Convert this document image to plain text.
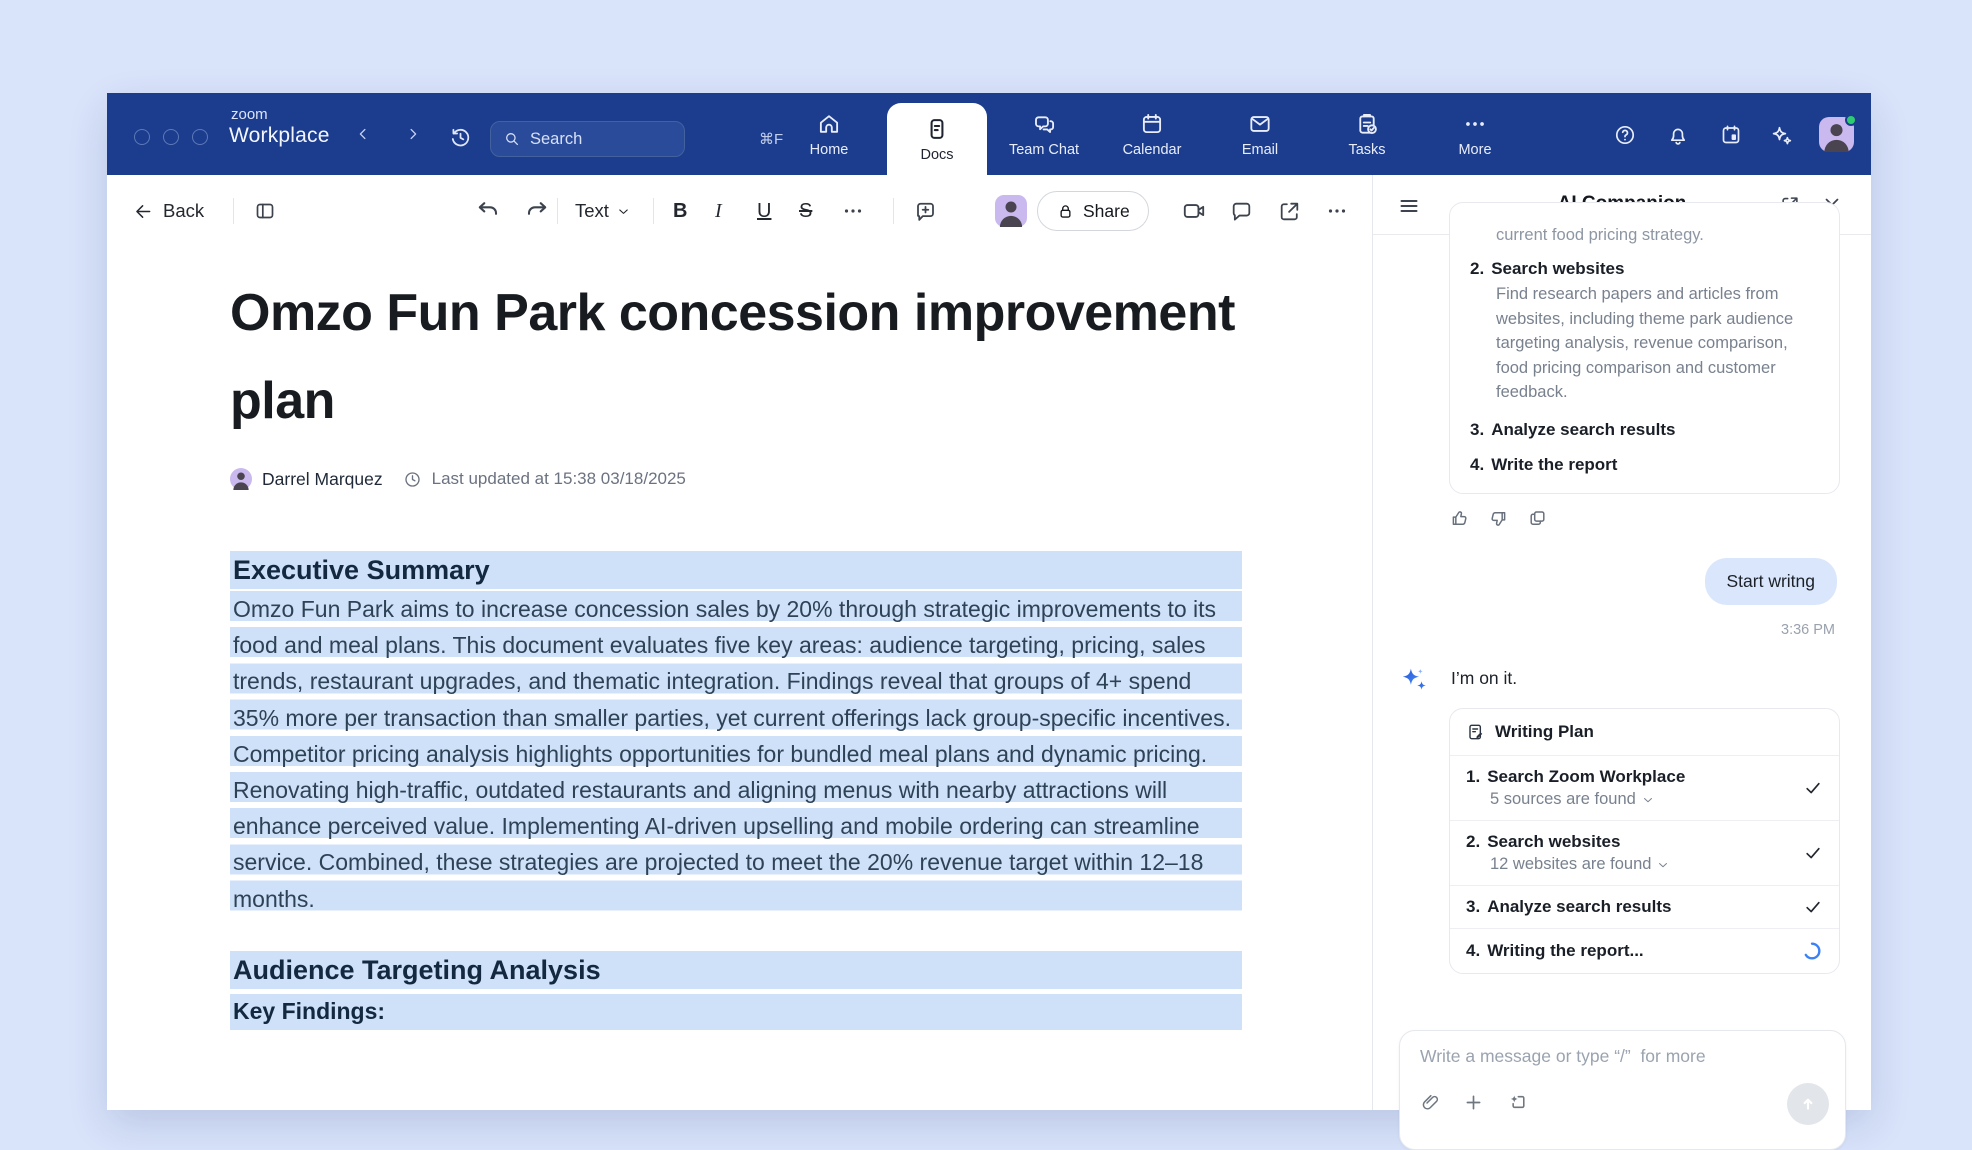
zoom
Workplace
Search	⌘F
Home	Docs	Team Chat	Calendar	Email	Tasks	More
Back	Text	B	I	U	S	Share
Omzo Fun Park concession improvement plan
Darrel Marquez	Last updated at 15:38 03/18/2025
Executive Summary
Omzo Fun Park aims to increase concession sales by 20% through strategic improvements to its food and meal plans. This document evaluates five key areas: audience targeting, pricing, sales trends, restaurant upgrades, and thematic integration. Findings reveal that groups of 4+ spend 35% more per transaction than smaller parties, yet current offerings lack group-specific incentives. Competitor pricing analysis highlights opportunities for bundled meal plans and dynamic pricing. Renovating high-traffic, outdated restaurants and aligning menus with nearby attractions will enhance perceived value. Implementing AI-driven upselling and mobile ordering can streamline service. Combined, these strategies are projected to meet the 20% revenue target within 12–18 months.
Audience Targeting Analysis
Key Findings:
current food pricing strategy.
2. Search websites
Find research papers and articles from websites, including theme park audience targeting analysis, revenue comparison, food pricing comparison and customer feedback.
3. Analyze search results
4. Write the report
Start writng
3:36 PM
I’m on it.
Writing Plan
1. Search Zoom Workplace
5 sources are found
2. Search websites
12 websites are found
3. Analyze search results
4. Writing the report...
Write a message or type “/” for more
